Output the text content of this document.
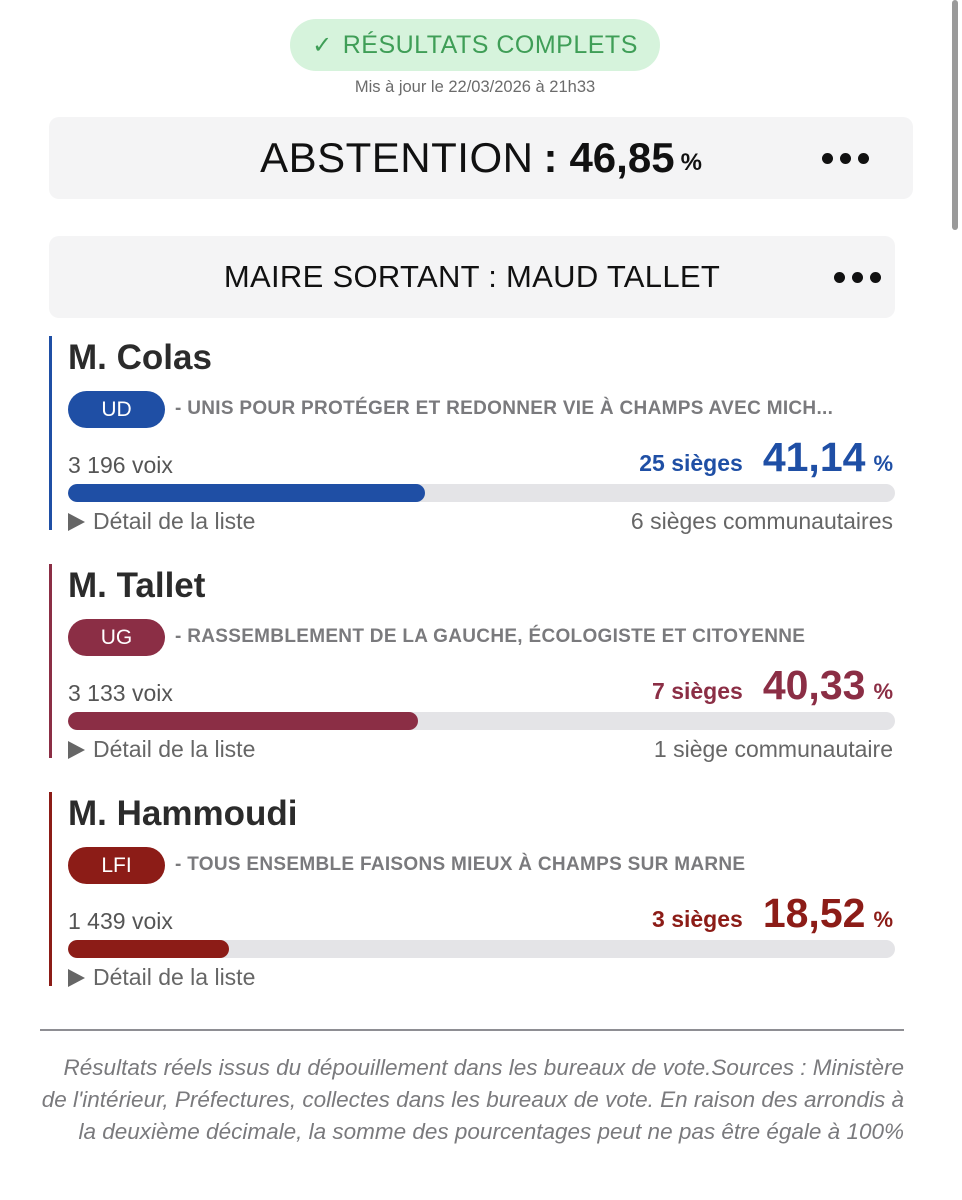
✓ RÉSULTATS COMPLETS
Mis à jour le 22/03/2026 à 21h33
ABSTENTION : 46,85 %
MAIRE SORTANT : MAUD TALLET
M. Colas
UD	- UNIS POUR PROTÉGER ET REDONNER VIE À CHAMPS AVEC MICH...
3 196 voix	25 sièges 41,14 %
Détail de la liste	6 sièges communautaires
M. Tallet
UG	- RASSEMBLEMENT DE LA GAUCHE, ÉCOLOGISTE ET CITOYENNE
3 133 voix	7 sièges 40,33 %
Détail de la liste	1 siège communautaire
M. Hammoudi
LFI	- TOUS ENSEMBLE FAISONS MIEUX À CHAMPS SUR MARNE
1 439 voix	3 sièges 18,52 %
Détail de la liste
Résultats réels issus du dépouillement dans les bureaux de vote.Sources : Ministère de l'intérieur, Préfectures, collectes dans les bureaux de vote. En raison des arrondis à la deuxième décimale, la somme des pourcentages peut ne pas être égale à 100%
